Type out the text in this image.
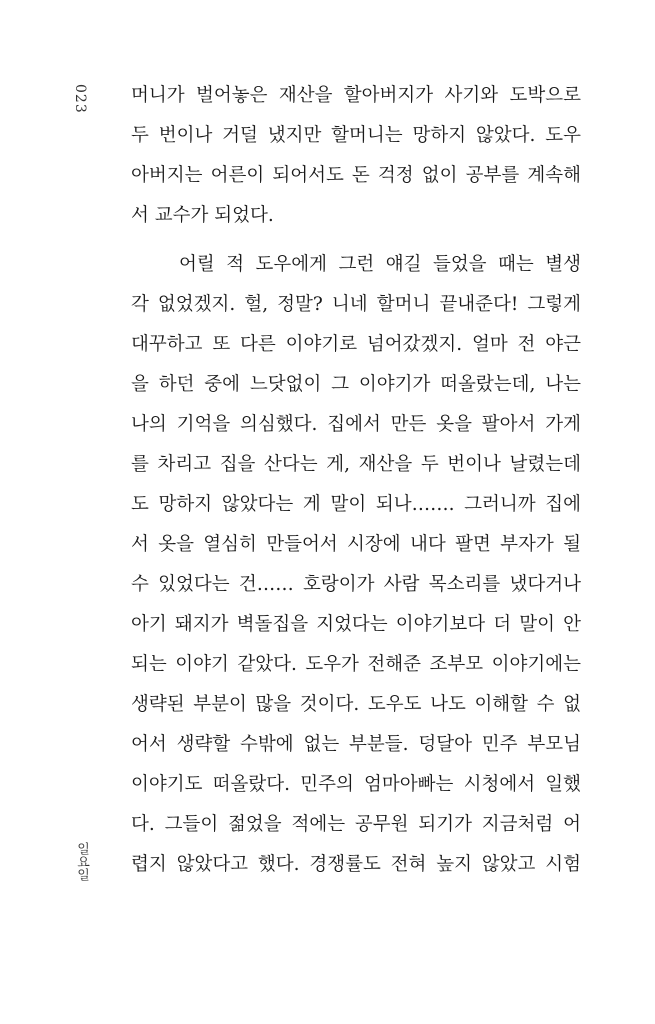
023
일요일
머니가 벌어놓은 재산을 할아버지가 사기와 도박으로
두 번이나 거덜 냈지만 할머니는 망하지 않았다. 도우
아버지는 어른이 되어서도 돈 걱정 없이 공부를 계속해
서 교수가 되었다.
어릴 적 도우에게 그런 얘길 들었을 때는 별생
각 없었겠지. 헐, 정말? 니네 할머니 끝내준다! 그렇게
대꾸하고 또 다른 이야기로 넘어갔겠지. 얼마 전 야근
을 하던 중에 느닷없이 그 이야기가 떠올랐는데, 나는
나의 기억을 의심했다. 집에서 만든 옷을 팔아서 가게
를 차리고 집을 산다는 게, 재산을 두 번이나 날렸는데
도 망하지 않았다는 게 말이 되나……. 그러니까 집에
서 옷을 열심히 만들어서 시장에 내다 팔면 부자가 될
수 있었다는 건…… 호랑이가 사람 목소리를 냈다거나
아기 돼지가 벽돌집을 지었다는 이야기보다 더 말이 안
되는 이야기 같았다. 도우가 전해준 조부모 이야기에는
생략된 부분이 많을 것이다. 도우도 나도 이해할 수 없
어서 생략할 수밖에 없는 부분들. 덩달아 민주 부모님
이야기도 떠올랐다. 민주의 엄마아빠는 시청에서 일했
다. 그들이 젊었을 적에는 공무원 되기가 지금처럼 어
렵지 않았다고 했다. 경쟁률도 전혀 높지 않았고 시험
